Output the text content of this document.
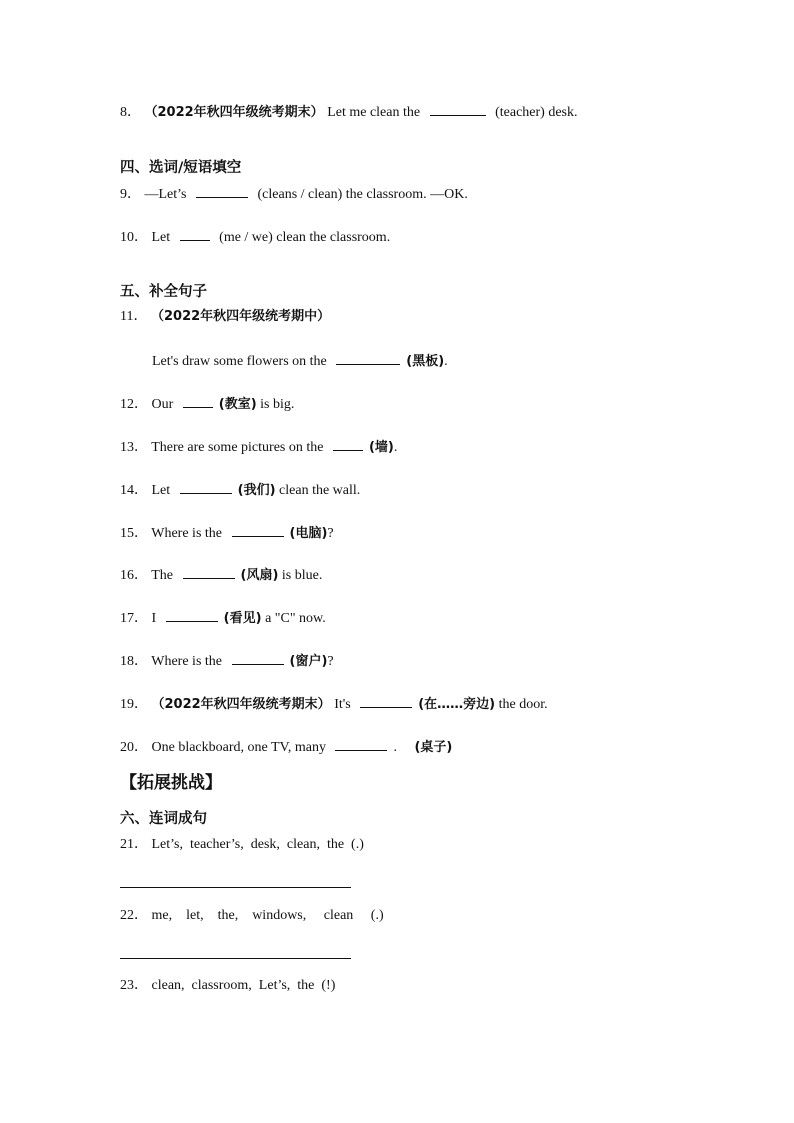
8． （2022年秋四年级统考期末） Let me clean the	(teacher) desk.
四、选词/短语填空
9． —Let’s	(cleans / clean) the classroom. —OK.
10． Let	(me / we) clean the classroom.
五、补全句子
11． （2022年秋四年级统考期中）
Let's draw some flowers on the	(黑板).
12． Our	(教室) is big.
13． There are some pictures on the	(墙).
14． Let	(我们) clean the wall.
15． Where is the	(电脑)?
16． The	(风扇) is blue.
17． I	(看见) a "C" now.
18． Where is the	(窗户)?
19． （2022年秋四年级统考期末） It's	(在……旁边) the door.
20． One blackboard, one TV, many	. (桌子)
【拓展挑战】
六、连词成句
21． Let’s,  teacher’s,  desk,  clean,  the  (.)
22． me,    let,    the,    windows,     clean     (.)
23． clean,  classroom,  Let’s,  the  (!)
